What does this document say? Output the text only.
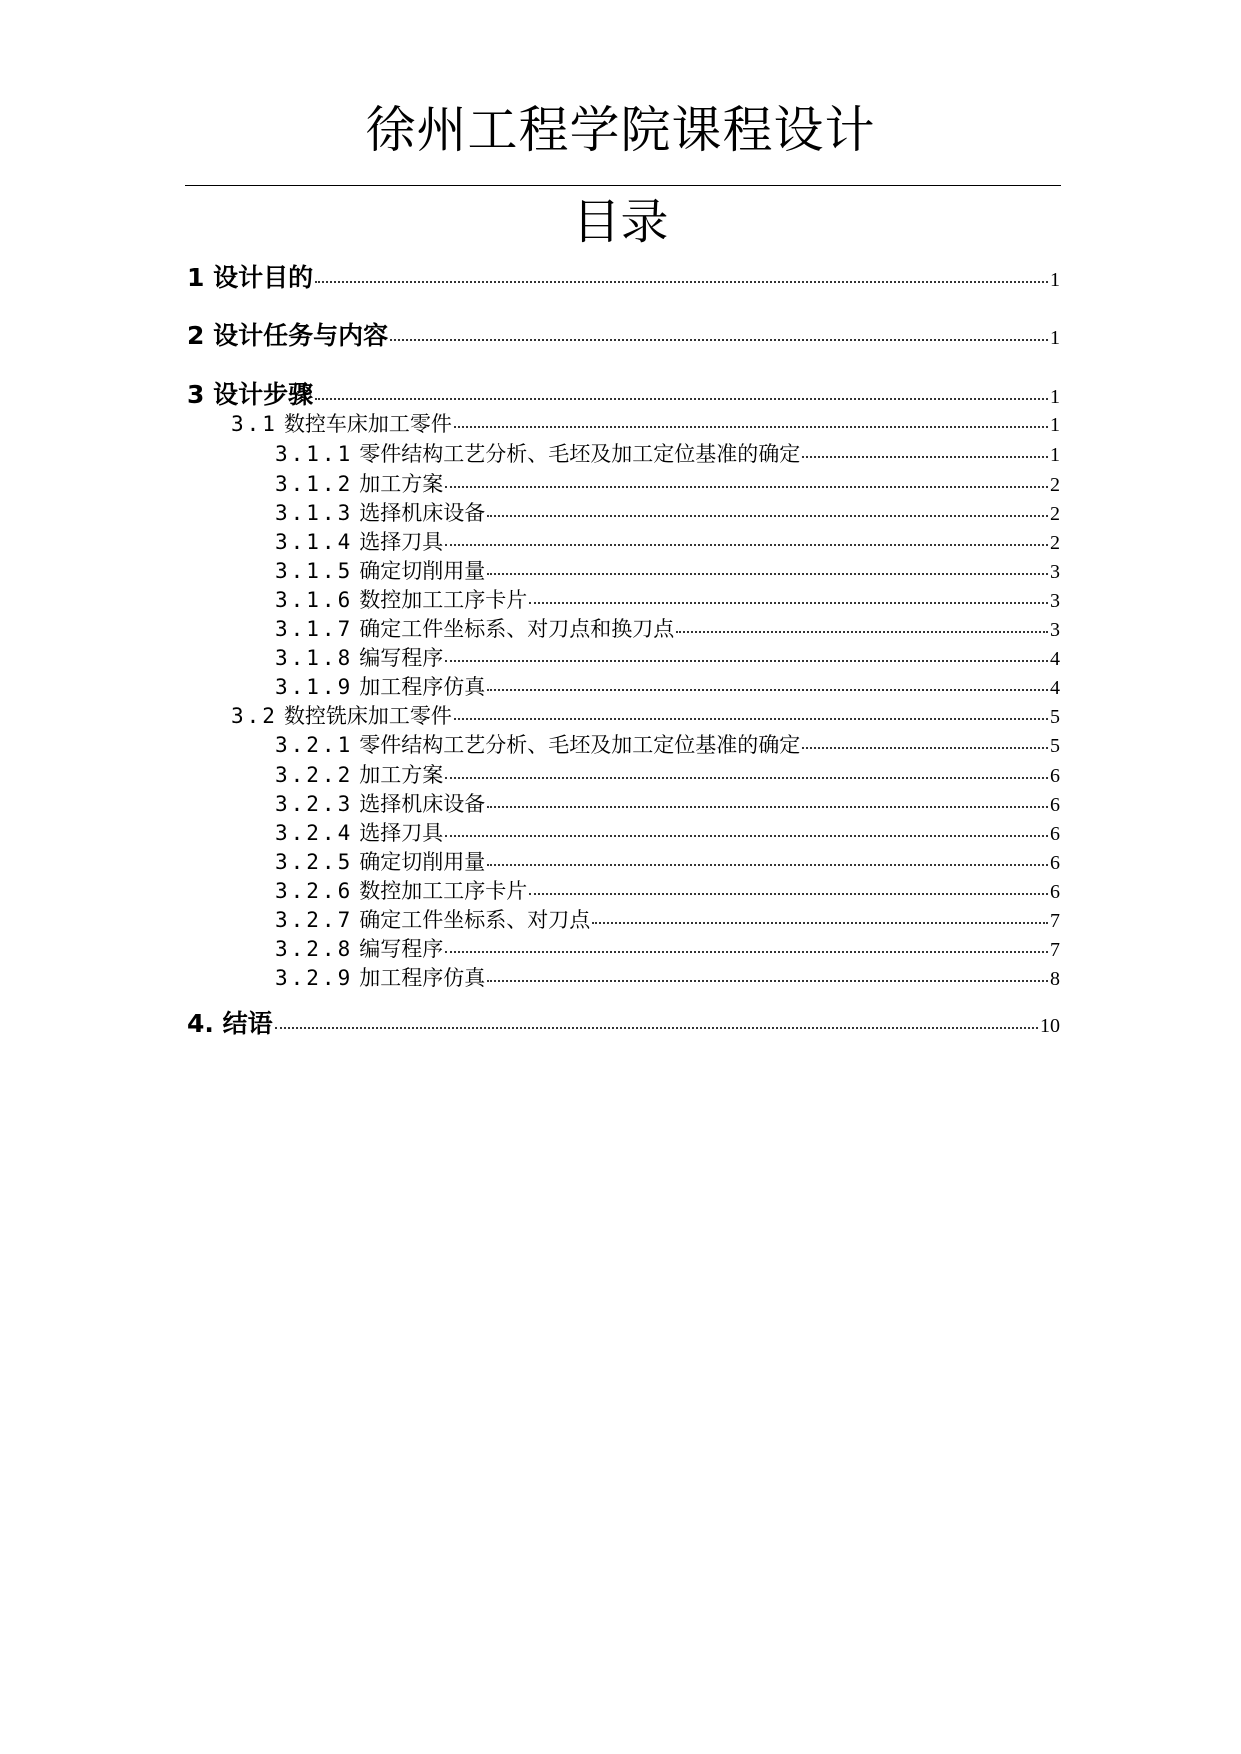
徐州工程学院课程设计
目录
1 设计目的	1
2 设计任务与内容	1
3 设计步骤	1
3.1 数控车床加工零件	1
3.1.1 零件结构工艺分析、毛坯及加工定位基准的确定	1
3.1.2 加工方案	2
3.1.3 选择机床设备	2
3.1.4 选择刀具	2
3.1.5 确定切削用量	3
3.1.6 数控加工工序卡片	3
3.1.7 确定工件坐标系、对刀点和换刀点	3
3.1.8 编写程序	4
3.1.9 加工程序仿真	4
3.2 数控铣床加工零件	5
3.2.1 零件结构工艺分析、毛坯及加工定位基准的确定	5
3.2.2 加工方案	6
3.2.3 选择机床设备	6
3.2.4 选择刀具	6
3.2.5 确定切削用量	6
3.2.6 数控加工工序卡片	6
3.2.7 确定工件坐标系、对刀点	7
3.2.8 编写程序	7
3.2.9 加工程序仿真	8
4. 结语	10
